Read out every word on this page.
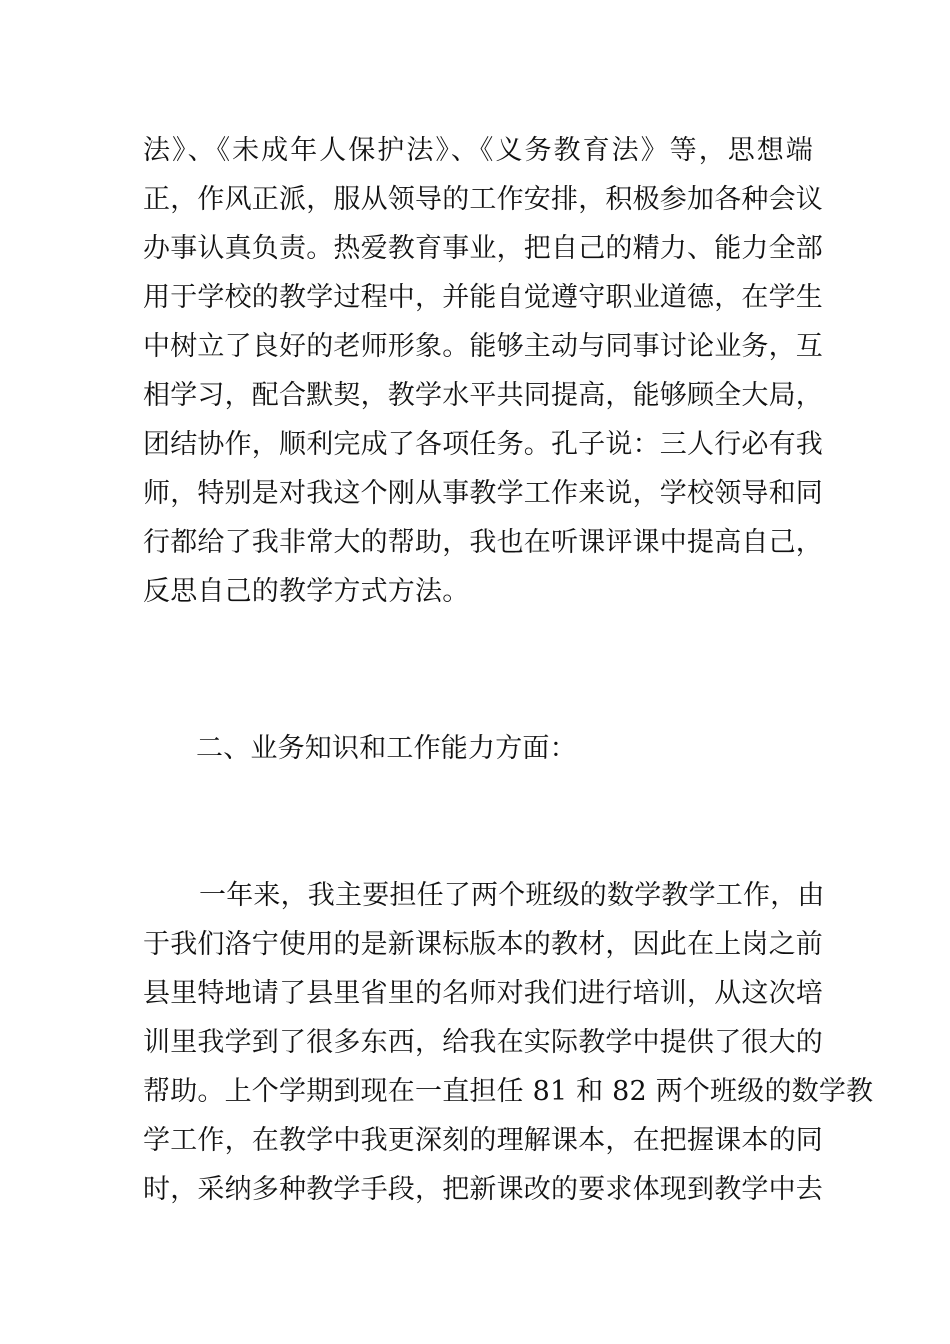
法》、《未成年人保护法》、《义务教育法》等，思想端
正，作风正派，服从领导的工作安排，积极参加各种会议
办事认真负责。热爱教育事业，把自己的精力、能力全部
用于学校的教学过程中，并能自觉遵守职业道德，在学生
中树立了良好的老师形象。能够主动与同事讨论业务，互
相学习，配合默契，教学水平共同提高，能够顾全大局，
团结协作，顺利完成了各项任务。孔子说：三人行必有我
师，特别是对我这个刚从事教学工作来说，学校领导和同
行都给了我非常大的帮助，我也在听课评课中提高自己，
反思自己的教学方式方法。
二、业务知识和工作能力方面：
一年来，我主要担任了两个班级的数学教学工作，由
于我们洛宁使用的是新课标版本的教材，因此在上岗之前
县里特地请了县里省里的名师对我们进行培训，从这次培
训里我学到了很多东西，给我在实际教学中提供了很大的
帮助。上个学期到现在一直担任 81 和 82 两个班级的数学教
学工作，在教学中我更深刻的理解课本，在把握课本的同
时，采纳多种教学手段，把新课改的要求体现到教学中去
